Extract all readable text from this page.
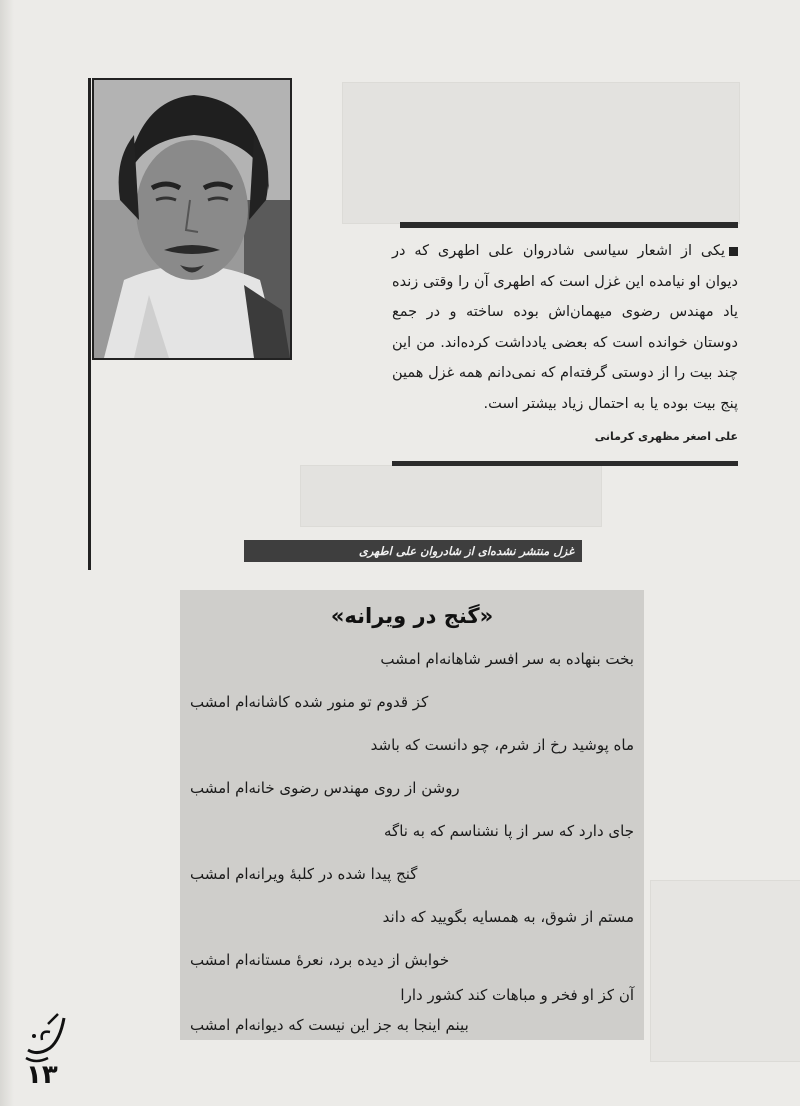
یکی از اشعار سیاسی شادروان علی اطهری که در دیوان او نیامده این غزل است که اطهری آن را وقتی زنده یاد مهندس رضوی میهمان‌اش بوده ساخته و در جمع دوستان خوانده است که بعضی یادداشت کرده‌اند. من این چند بیت را از دوستی گرفته‌ام که نمی‌دانم همه غزل همین پنج بیت بوده یا به احتمال زیاد بیشتر است.
علی اصغر مظهری کرمانی
غزل منتشر نشده‌ای از شادروان علی اطهری
«گنج در ویرانه»
بخت بنهاده به سر افسر شاهانه‌ام امشب
کز قدوم تو منور شده کاشانه‌ام امشب
ماه پوشید رخ از شرم، چو دانست که باشد
روشن از روی مهندس رضوی خانه‌ام امشب
جای دارد که سر از پا نشناسم که به ناگه
گنج پیدا شده در کلبهٔ ویرانه‌ام امشب
مستم از شوق، به همسایه بگویید که داند
خوابش از دیده برد، نعرهٔ مستانه‌ام امشب
آن کز او فخر و مباهات کند کشور دارا
بینم اینجا به جز این نیست که دیوانه‌ام امشب
۱۳
